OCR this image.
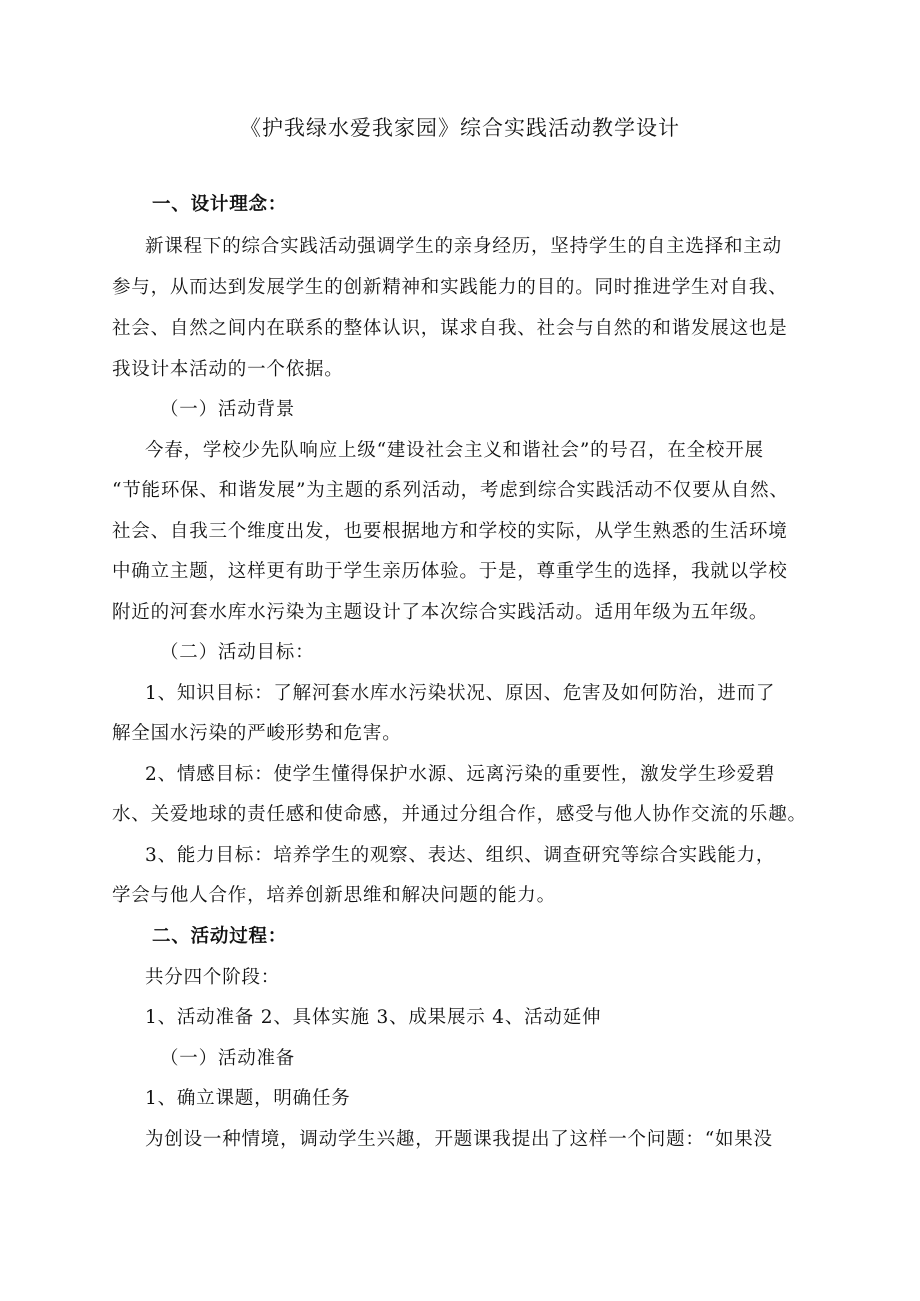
《护我绿水爱我家园》综合实践活动教学设计
一、设计理念：
新课程下的综合实践活动强调学生的亲身经历，坚持学生的自主选择和主动
参与，从而达到发展学生的创新精神和实践能力的目的。同时推进学生对自我、
社会、自然之间内在联系的整体认识，谋求自我、社会与自然的和谐发展这也是
我设计本活动的一个依据。
（一）活动背景
今春，学校少先队响应上级“建设社会主义和谐社会”的号召，在全校开展
“节能环保、和谐发展”为主题的系列活动，考虑到综合实践活动不仅要从自然、
社会、自我三个维度出发，也要根据地方和学校的实际，从学生熟悉的生活环境
中确立主题，这样更有助于学生亲历体验。于是，尊重学生的选择，我就以学校
附近的河套水库水污染为主题设计了本次综合实践活动。适用年级为五年级。
（二）活动目标：
1、知识目标：了解河套水库水污染状况、原因、危害及如何防治，进而了
解全国水污染的严峻形势和危害。
2、情感目标：使学生懂得保护水源、远离污染的重要性，激发学生珍爱碧
水、关爱地球的责任感和使命感，并通过分组合作，感受与他人协作交流的乐趣。
3、能力目标：培养学生的观察、表达、组织、调查研究等综合实践能力，
学会与他人合作，培养创新思维和解决问题的能力。
二、活动过程：
共分四个阶段：
1、活动准备 2、具体实施 3、成果展示 4、活动延伸
（一）活动准备
1、确立课题，明确任务
为创设一种情境，调动学生兴趣，开题课我提出了这样一个问题：“如果没
